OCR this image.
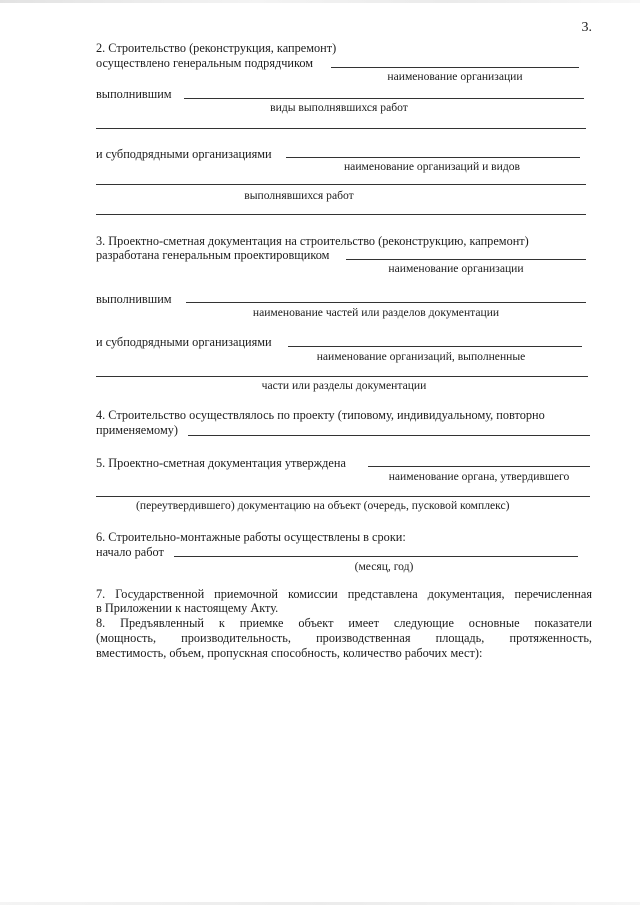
3.
2. Строительство (реконструкция, капремонт)
осуществлено генеральным подрядчиком
наименование организации
выполнившим
виды выполнявшихся работ
и субподрядными организациями
наименование организаций и видов
выполнявшихся работ
3. Проектно-сметная документация на строительство (реконструкцию, капремонт)
разработана генеральным проектировщиком
наименование организации
выполнившим
наименование частей или разделов документации
и субподрядными организациями
наименование организаций, выполненные
части или разделы документации
4. Строительство осуществлялось по проекту (типовому, индивидуальному, повторно
применяемому)
5. Проектно-сметная документация утверждена
наименование органа, утвердившего
(переутвердившего) документацию на объект (очередь, пусковой комплекс)
6. Строительно-монтажные работы осуществлены в сроки:
начало работ
(месяц, год)
7. Государственной приемочной комиссии представлена документация, перечисленная
в Приложении к настоящему Акту.
8. Предъявленный к приемке объект имеет следующие основные показатели
(мощность, производительность, производственная площадь, протяженность,
вместимость, объем, пропускная способность, количество рабочих мест):
